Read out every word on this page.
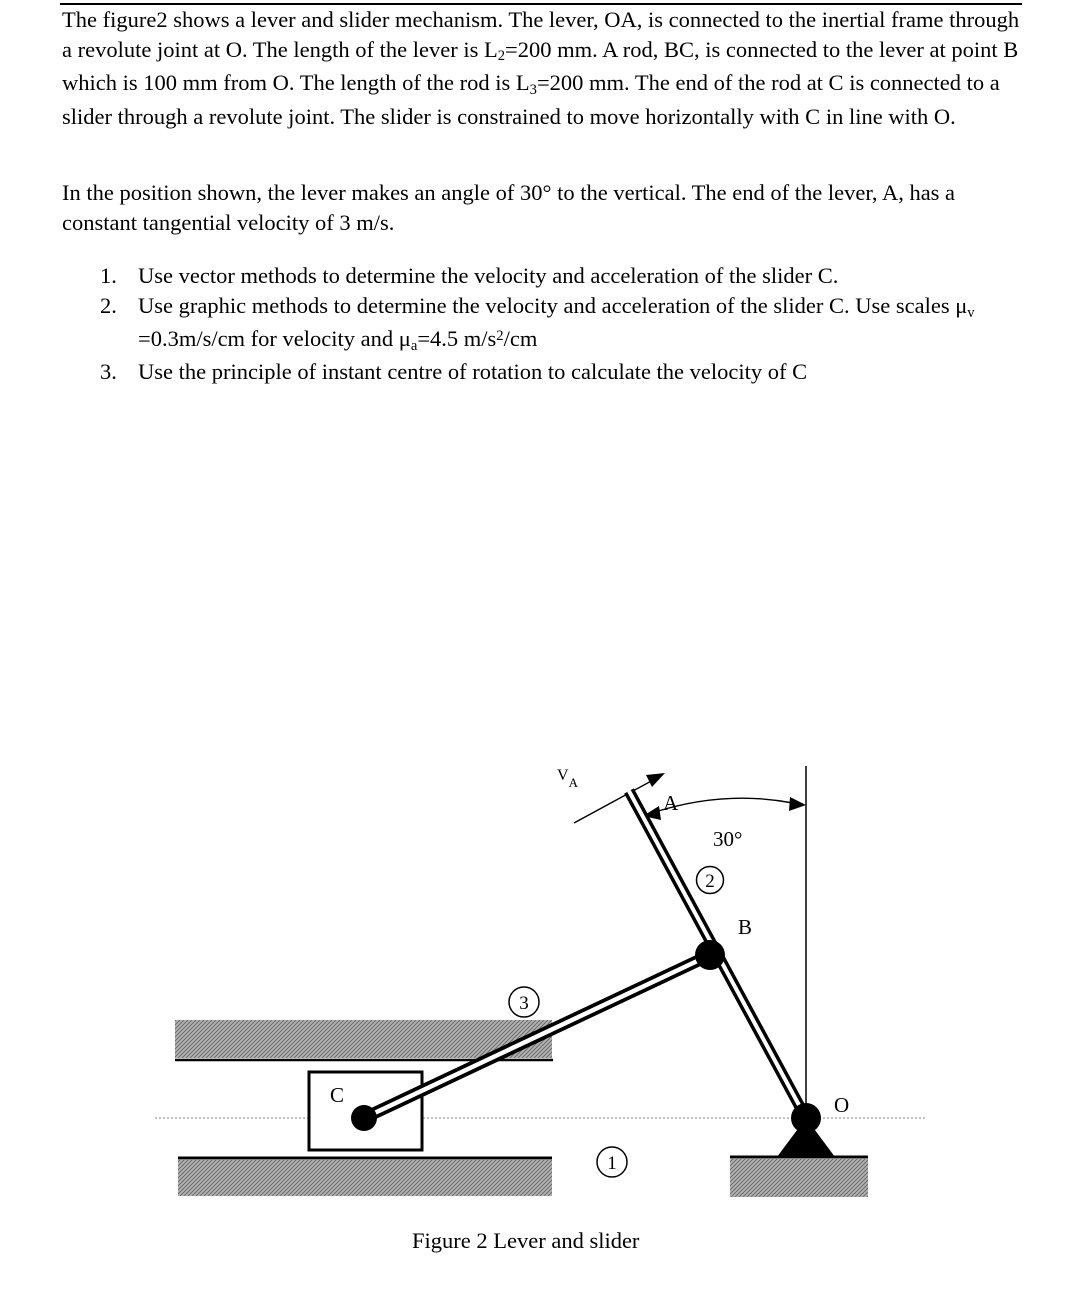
The figure2 shows a lever and slider mechanism. The lever, OA, is connected to the inertial frame through a revolute joint at O. The length of the lever is $L_2=200$ mm. A rod, BC, is connected to the lever at point B which is 100 mm from O. The length of the rod is $L_3=200$ mm. The end of the rod at C is connected to a slider through a revolute joint. The slider is constrained to move horizontally with C in line with O.

In the position shown, the lever makes an angle of 30° to the vertical. The end of the lever, A, has a constant tangential velocity of 3 m/s.

1. Use vector methods to determine the velocity and acceleration of the slider C.
2. Use graphic methods to determine the velocity and acceleration of the slider C. Use scales $\mu_v =0.3m/s/cm$ for velocity and $\mu_a=4.5$ $m/s^2/cm$
3. Use the principle of instant centre of rotation to calculate the velocity of C
$V_A$
A
30°
2
B
3
C	O
1
Figure 2 Lever and slider
